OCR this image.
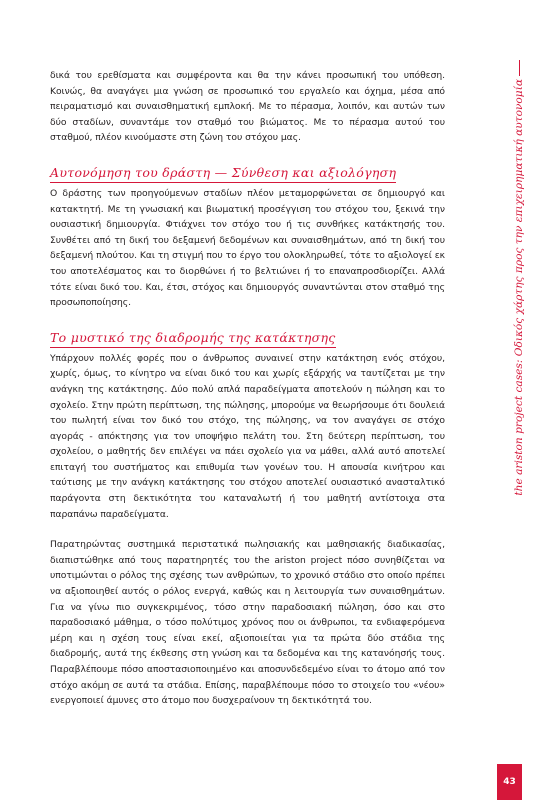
δικά του ερεθίσματα και συμφέροντα και θα την κάνει προσωπική του υπόθεση. Κοινώς, θα αναγάγει μια γνώση σε προσωπικό του εργαλείο και όχημα, μέσα από πειραματισμό και συναισθηματική εμπλοκή. Με το πέρασμα, λοιπόν, και αυτών των δύο σταδίων, συναντάμε τον σταθμό του βιώματος. Με το πέρασμα αυτού του σταθμού, πλέον κινούμαστε στη ζώνη του στόχου μας.

Αυτονόμηση του δράστη — Σύνθεση και αξιολόγηση

Ο δράστης των προηγούμενων σταδίων πλέον μεταμορφώνεται σε δημιουργό και κατακτητή. Με τη γνωσιακή και βιωματική προσέγγιση του στόχου του, ξεκινά την ουσιαστική δημιουργία. Φτιάχνει τον στόχο του ή τις συνθήκες κατάκτησής του. Συνθέτει από τη δική του δεξαμενή δεδομένων και συναισθημάτων, από τη δική του δεξαμενή πλούτου. Και τη στιγμή που το έργο του ολοκληρωθεί, τότε το αξιολογεί εκ του αποτελέσματος και το διορθώνει ή το βελτιώνει ή το επαναπροσδιορίζει. Αλλά τότε είναι δικό του. Και, έτσι, στόχος και δημιουργός συναντώνται στον σταθμό της προσωποποίησης.

Το μυστικό της διαδρομής της κατάκτησης

Υπάρχουν πολλές φορές που ο άνθρωπος συναινεί στην κατάκτηση ενός στόχου, χωρίς, όμως, το κίνητρο να είναι δικό του και χωρίς εξάρχής να ταυτίζεται με την ανάγκη της κατάκτησης. Δύο πολύ απλά παραδείγματα αποτελούν η πώληση και το σχολείο. Στην πρώτη περίπτωση, της πώλησης, μπορούμε να θεωρήσουμε ότι δουλειά του πωλητή είναι τον δικό του στόχο, της πώλησης, να τον αναγάγει σε στόχο αγοράς - απόκτησης για τον υποψήφιο πελάτη του. Στη δεύτερη περίπτωση, του σχολείου, ο μαθητής δεν επιλέγει να πάει σχολείο για να μάθει, αλλά αυτό αποτελεί επιταγή του συστήματος και επιθυμία των γονέων του. Η απουσία κινήτρου και ταύτισης με την ανάγκη κατάκτησης του στόχου αποτελεί ουσιαστικό ανασταλτικό παράγοντα στη δεκτικότητα του καταναλωτή ή του μαθητή αντίστοιχα στα παραπάνω παραδείγματα.

Παρατηρώντας συστημικά περιστατικά πωλησιακής και μαθησιακής διαδικασίας, διαπιστώθηκε από τους παρατηρητές του the ariston project πόσο συνηθίζεται να υποτιμώνται ο ρόλος της σχέσης των ανθρώπων, το χρονικό στάδιο στο οποίο πρέπει να αξιοποιηθεί αυτός ο ρόλος ενεργά, καθώς και η λειτουργία των συναισθημάτων. Για να γίνω πιο συγκεκριμένος, τόσο στην παραδοσιακή πώληση, όσο και στο παραδοσιακό μάθημα, ο τόσο πολύτιμος χρόνος που οι άνθρωποι, τα ενδιαφερόμενα μέρη και η σχέση τους είναι εκεί, αξιοποιείται για τα πρώτα δύο στάδια της διαδρομής, αυτά της έκθεσης στη γνώση και τα δεδομένα και της κατανόησής τους. Παραβλέπουμε πόσο αποστασιοποιημένο και αποσυνδεδεμένο είναι το άτομο από τον στόχο ακόμη σε αυτά τα στάδια. Επίσης, παραβλέπουμε πόσο το στοιχείο του «νέου» ενεργοποιεί άμυνες στο άτομο που δυσχεραίνουν τη δεκτικότητά του.

the ariston project cases: Οδικός χάρτης προς την επιχειρηματική αυτονομία
43
